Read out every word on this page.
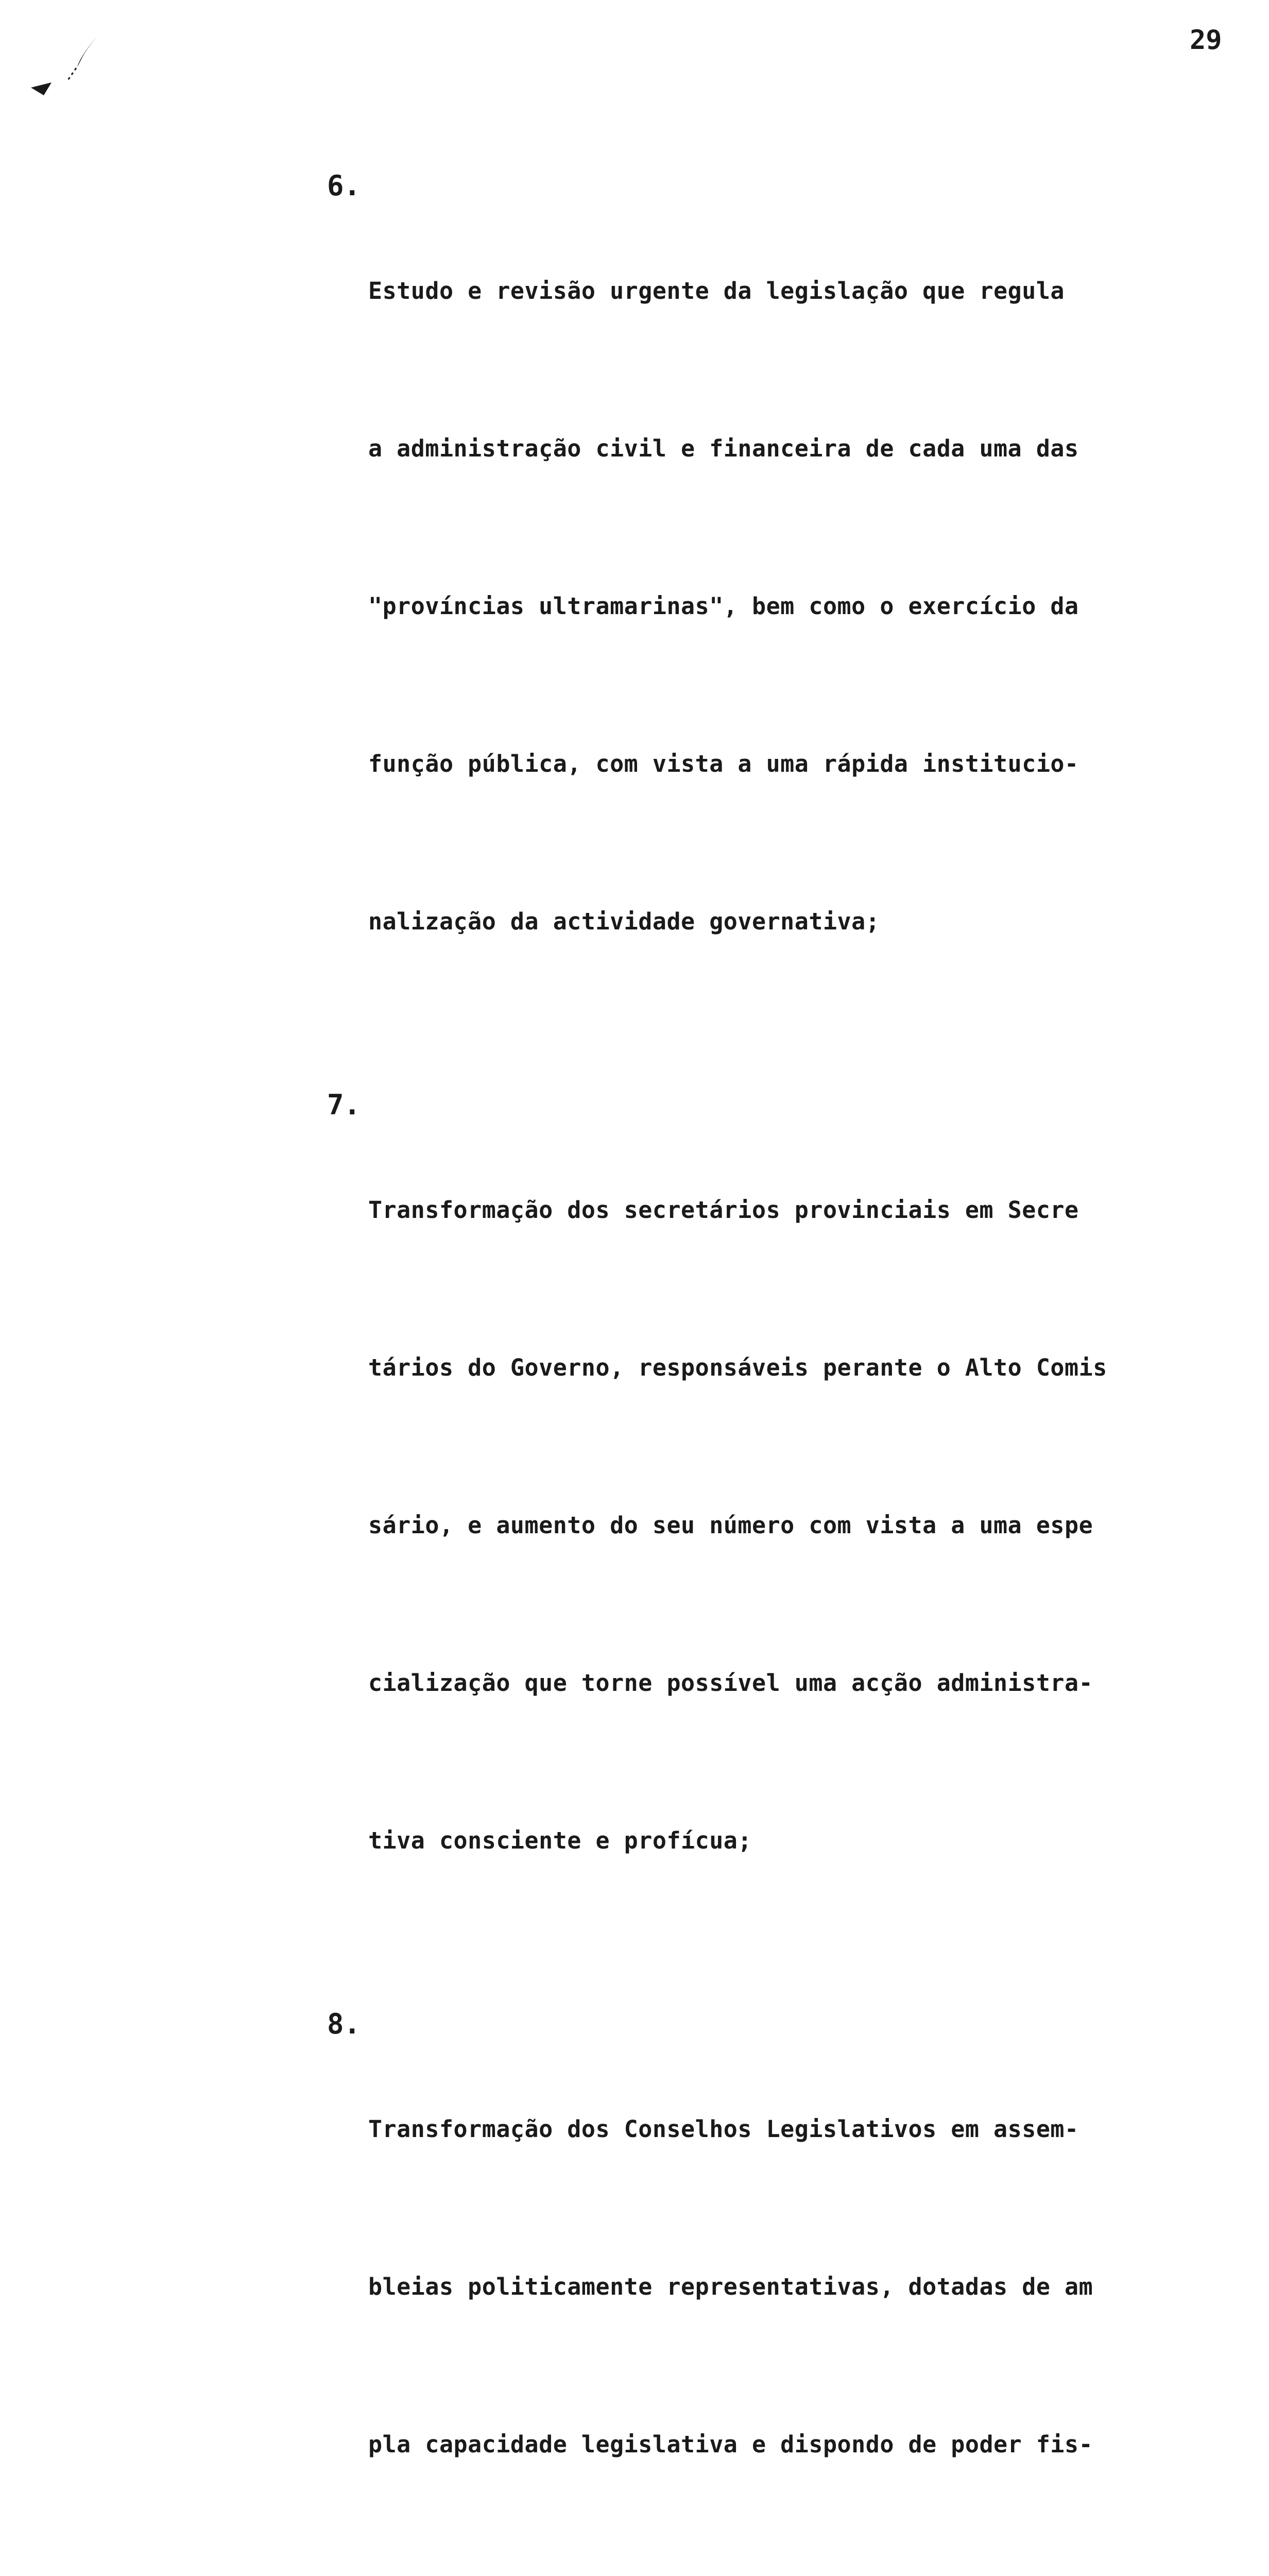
29
6.

Estudo e revisão urgente da legislação que regula

a administração civil e financeira de cada uma das

"províncias ultramarinas", bem como o exercício da

função pública, com vista a uma rápida institucio-

nalização da actividade governativa;

7.

Transformação dos secretários provinciais em Secre

tários do Governo, responsáveis perante o Alto Comis

sário, e aumento do seu número com vista a uma espe

cialização que torne possível uma acção administra-

tiva consciente e profícua;

8.

Transformação dos Conselhos Legislativos em assem-

bleias politicamente representativas, dotadas de am

pla capacidade legislativa e dispondo de poder fis-
